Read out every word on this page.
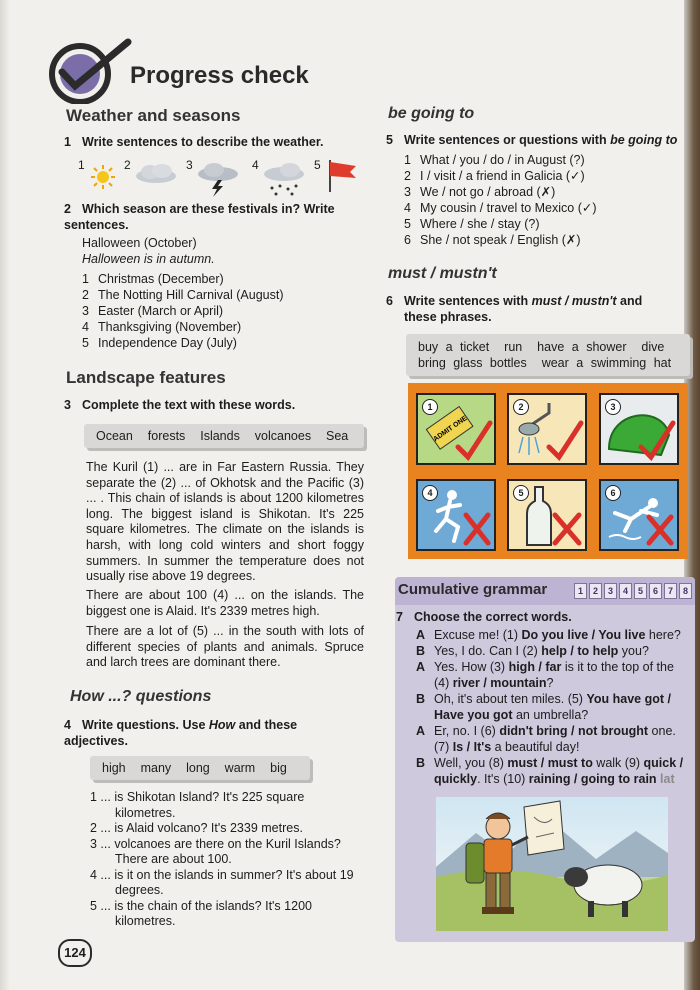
Progress check
Weather and seasons
1 Write sentences to describe the weather.
1	2	3	4	5
2 Which season are these festivals in? Write sentences.
Halloween (October)
Halloween is in autumn.
1 Christmas (December)
2 The Notting Hill Carnival (August)
3 Easter (March or April)
4 Thanksgiving (November)
5 Independence Day (July)
Landscape features
3 Complete the text with these words.
Ocean  forests  Islands  volcanoes  Sea

The Kuril (1) ... are in Far Eastern Russia. They separate the (2) ... of Okhotsk and the Pacific (3) ... . This chain of islands is about 1200 kilometres long. The biggest island is Shikotan. It's 225 square kilometres. The climate on the islands is harsh, with long cold winters and short foggy summers. In summer the temperature does not usually rise above 19 degrees.

There are about 100 (4) ... on the islands. The biggest one is Alaid. It's 2339 metres high.

There are a lot of (5) ... in the south with lots of different species of plants and animals. Spruce and larch trees are dominant there.

How ...? questions
4 Write questions. Use How and these adjectives.
high  many  long  warm  big
1 ... is Shikotan Island? It's 225 square
kilometres.
2 ... is Alaid volcano? It's 2339 metres.
3 ... volcanoes are there on the Kuril Islands?
There are about 100.
4 ... is it on the islands in summer? It's about 19
degrees.
5 ... is the chain of the islands? It's 1200
kilometres.
124
be going to
5 Write sentences or questions with be going to
1 What / you / do / in August (?)
2 I / visit / a friend in Galicia (✓)
3 We / not go / abroad (✗)
4 My cousin / travel to Mexico (✓)
5 Where / she / stay (?)
6 She / not speak / English (✗)
must / mustn't
6 Write sentences with must / mustn't and
these phrases.
buy a ticket  run  have a shower  dive
bring glass bottles  wear a swimming hat
ADMIT ONE
1	2	3
4	5	6
Cumulative grammar	1	2	3	4	5	6	7	8
7 Choose the correct words.
A Excuse me! (1) Do you live / You live here?
B Yes, I do. Can I (2) help / to help you?
A Yes. How (3) high / far is it to the top of the
(4) river / mountain?
B Oh, it's about ten miles. (5) You have got /
Have you got an umbrella?
A Er, no. I (6) didn't bring / not brought one.
(7) Is / It's a beautiful day!
B Well, you (8) must / must to walk (9) quick /
quickly. It's (10) raining / going to rain lat
